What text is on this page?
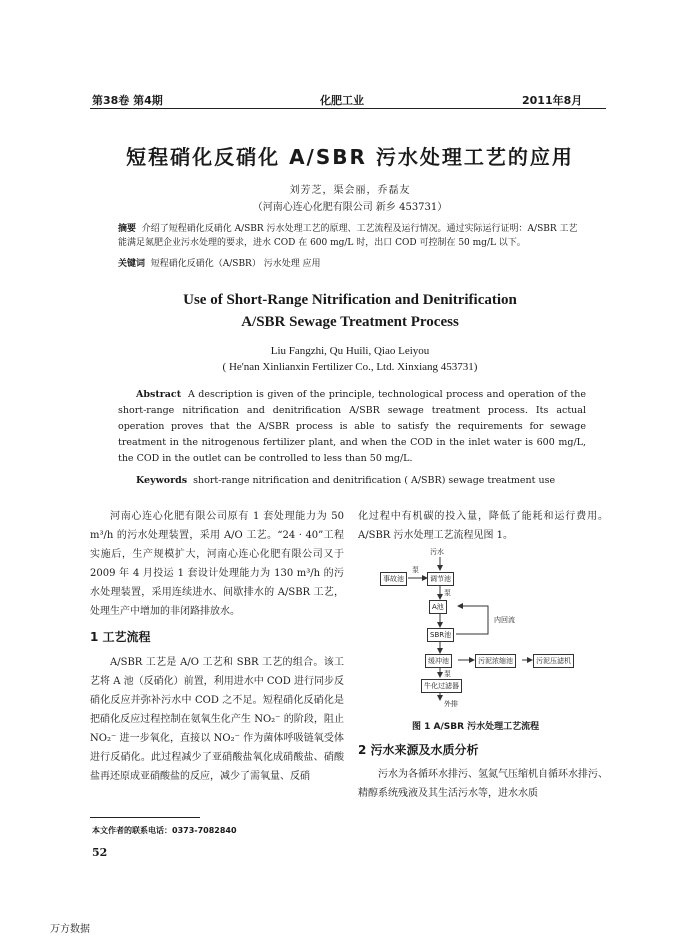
第38卷 第4期	化肥工业	2011年8月
短程硝化反硝化 A/SBR 污水处理工艺的应用
刘芳芝，渠会丽，乔磊友
（河南心连心化肥有限公司 新乡 453731）
摘要 介绍了短程硝化反硝化 A/SBR 污水处理工艺的原理、工艺流程及运行情况。通过实际运行证明：A/SBR 工艺能满足氮肥企业污水处理的要求，进水 COD 在 600 mg/L 时，出口 COD 可控制在 50 mg/L 以下。
关键词 短程硝化反硝化（A/SBR） 污水处理 应用
Use of Short-Range Nitrification and Denitrification
A/SBR Sewage Treatment Process
Liu Fangzhi, Qu Huili, Qiao Leiyou
( He'nan Xinlianxin Fertilizer Co., Ltd. Xinxiang 453731)
Abstract A description is given of the principle, technological process and operation of the short-range nitrification and denitrification A/SBR sewage treatment process. Its actual operation proves that the A/SBR process is able to satisfy the requirements for sewage treatment in the nitrogenous fertilizer plant, and when the COD in the inlet water is 600 mg/L, the COD in the outlet can be controlled to less than 50 mg/L.
Keywords short-range nitrification and denitrification ( A/SBR) sewage treatment use

河南心连心化肥有限公司原有 1 套处理能力为 50 m³/h 的污水处理装置，采用 A/O 工艺。“24 · 40”工程实施后，生产规模扩大，河南心连心化肥有限公司又于 2009 年 4 月投运 1 套设计处理能力为 130 m³/h 的污水处理装置，采用连续进水、间歇排水的 A/SBR 工艺，处理生产中增加的非闭路排放水。

1 工艺流程

A/SBR 工艺是 A/O 工艺和 SBR 工艺的组合。该工艺将 A 池（反硝化）前置，利用进水中 COD 进行同步反硝化反应并弥补污水中 COD 之不足。短程硝化反硝化是把硝化反应过程控制在氨氧生化产生 NO₂⁻ 的阶段，阻止 NO₂⁻ 进一步氧化，直接以 NO₂⁻ 作为菌体呼吸链氧受体进行反硝化。此过程减少了亚硝酸盐氧化成硝酸盐、硝酸盐再还原成亚硝酸盐的反应，减少了需氧量、反硝

化过程中有机碳的投入量，降低了能耗和运行费用。A/SBR 污水处理工艺流程见图 1。

污水
事故池
泵
调节池
泵
A池
内回流
SBR池
缓冲池	污泥浓缩池	污泥压滤机
泵
牛化过滤器
外排
图 1 A/SBR 污水处理工艺流程

2 污水来源及水质分析

污水为各循环水排污、氢氮气压缩机自循环水排污、精醇系统残液及其生活污水等，进水水质

本文作者的联系电话：0373-7082840
52
万方数据
